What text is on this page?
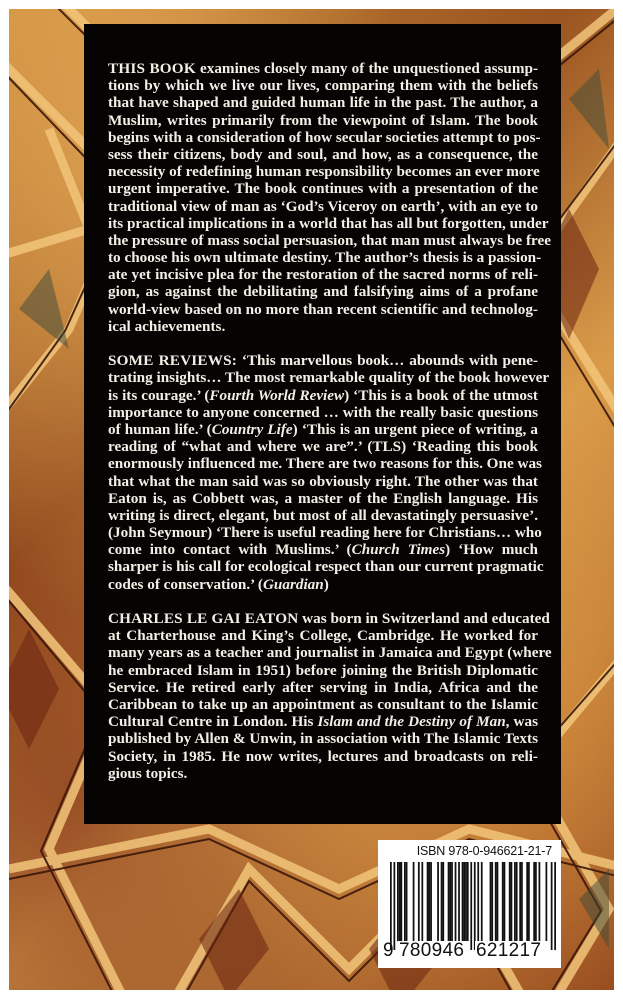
THIS BOOK examines closely many of the unquestioned assump-
tions by which we live our lives, comparing them with the beliefs
that have shaped and guided human life in the past. The author, a
Muslim, writes primarily from the viewpoint of Islam. The book
begins with a consideration of how secular societies attempt to pos-
sess their citizens, body and soul, and how, as a consequence, the
necessity of redefining human responsibility becomes an ever more
urgent imperative. The book continues with a presentation of the
traditional view of man as ‘God’s Viceroy on earth’, with an eye to
its practical implications in a world that has all but forgotten, under
the pressure of mass social persuasion, that man must always be free
to choose his own ultimate destiny. The author’s thesis is a passion-
ate yet incisive plea for the restoration of the sacred norms of reli-
gion, as against the debilitating and falsifying aims of a profane
world-view based on no more than recent scientific and technolog-
ical achievements.
SOME REVIEWS: ‘This marvellous book… abounds with pene-
trating insights… The most remarkable quality of the book however
is its courage.’ (Fourth World Review) ‘This is a book of the utmost
importance to anyone concerned … with the really basic questions
of human life.’ (Country Life) ‘This is an urgent piece of writing, a
reading of “what and where we are”.’ (TLS) ‘Reading this book
enormously influenced me. There are two reasons for this. One was
that what the man said was so obviously right. The other was that
Eaton is, as Cobbett was, a master of the English language. His
writing is direct, elegant, but most of all devastatingly persuasive’.
(John Seymour) ‘There is useful reading here for Christians… who
come into contact with Muslims.’ (Church Times) ‘How much
sharper is his call for ecological respect than our current pragmatic
codes of conservation.’ (Guardian)
CHARLES LE GAI EATON was born in Switzerland and educated
at Charterhouse and King’s College, Cambridge. He worked for
many years as a teacher and journalist in Jamaica and Egypt (where
he embraced Islam in 1951) before joining the British Diplomatic
Service. He retired early after serving in India, Africa and the
Caribbean to take up an appointment as consultant to the Islamic
Cultural Centre in London. His Islam and the Destiny of Man, was
published by Allen & Unwin, in association with The Islamic Texts
Society, in 1985. He now writes, lectures and broadcasts on reli-
gious topics.
ISBN 978-0-946621-21-7
9 780946 621217
